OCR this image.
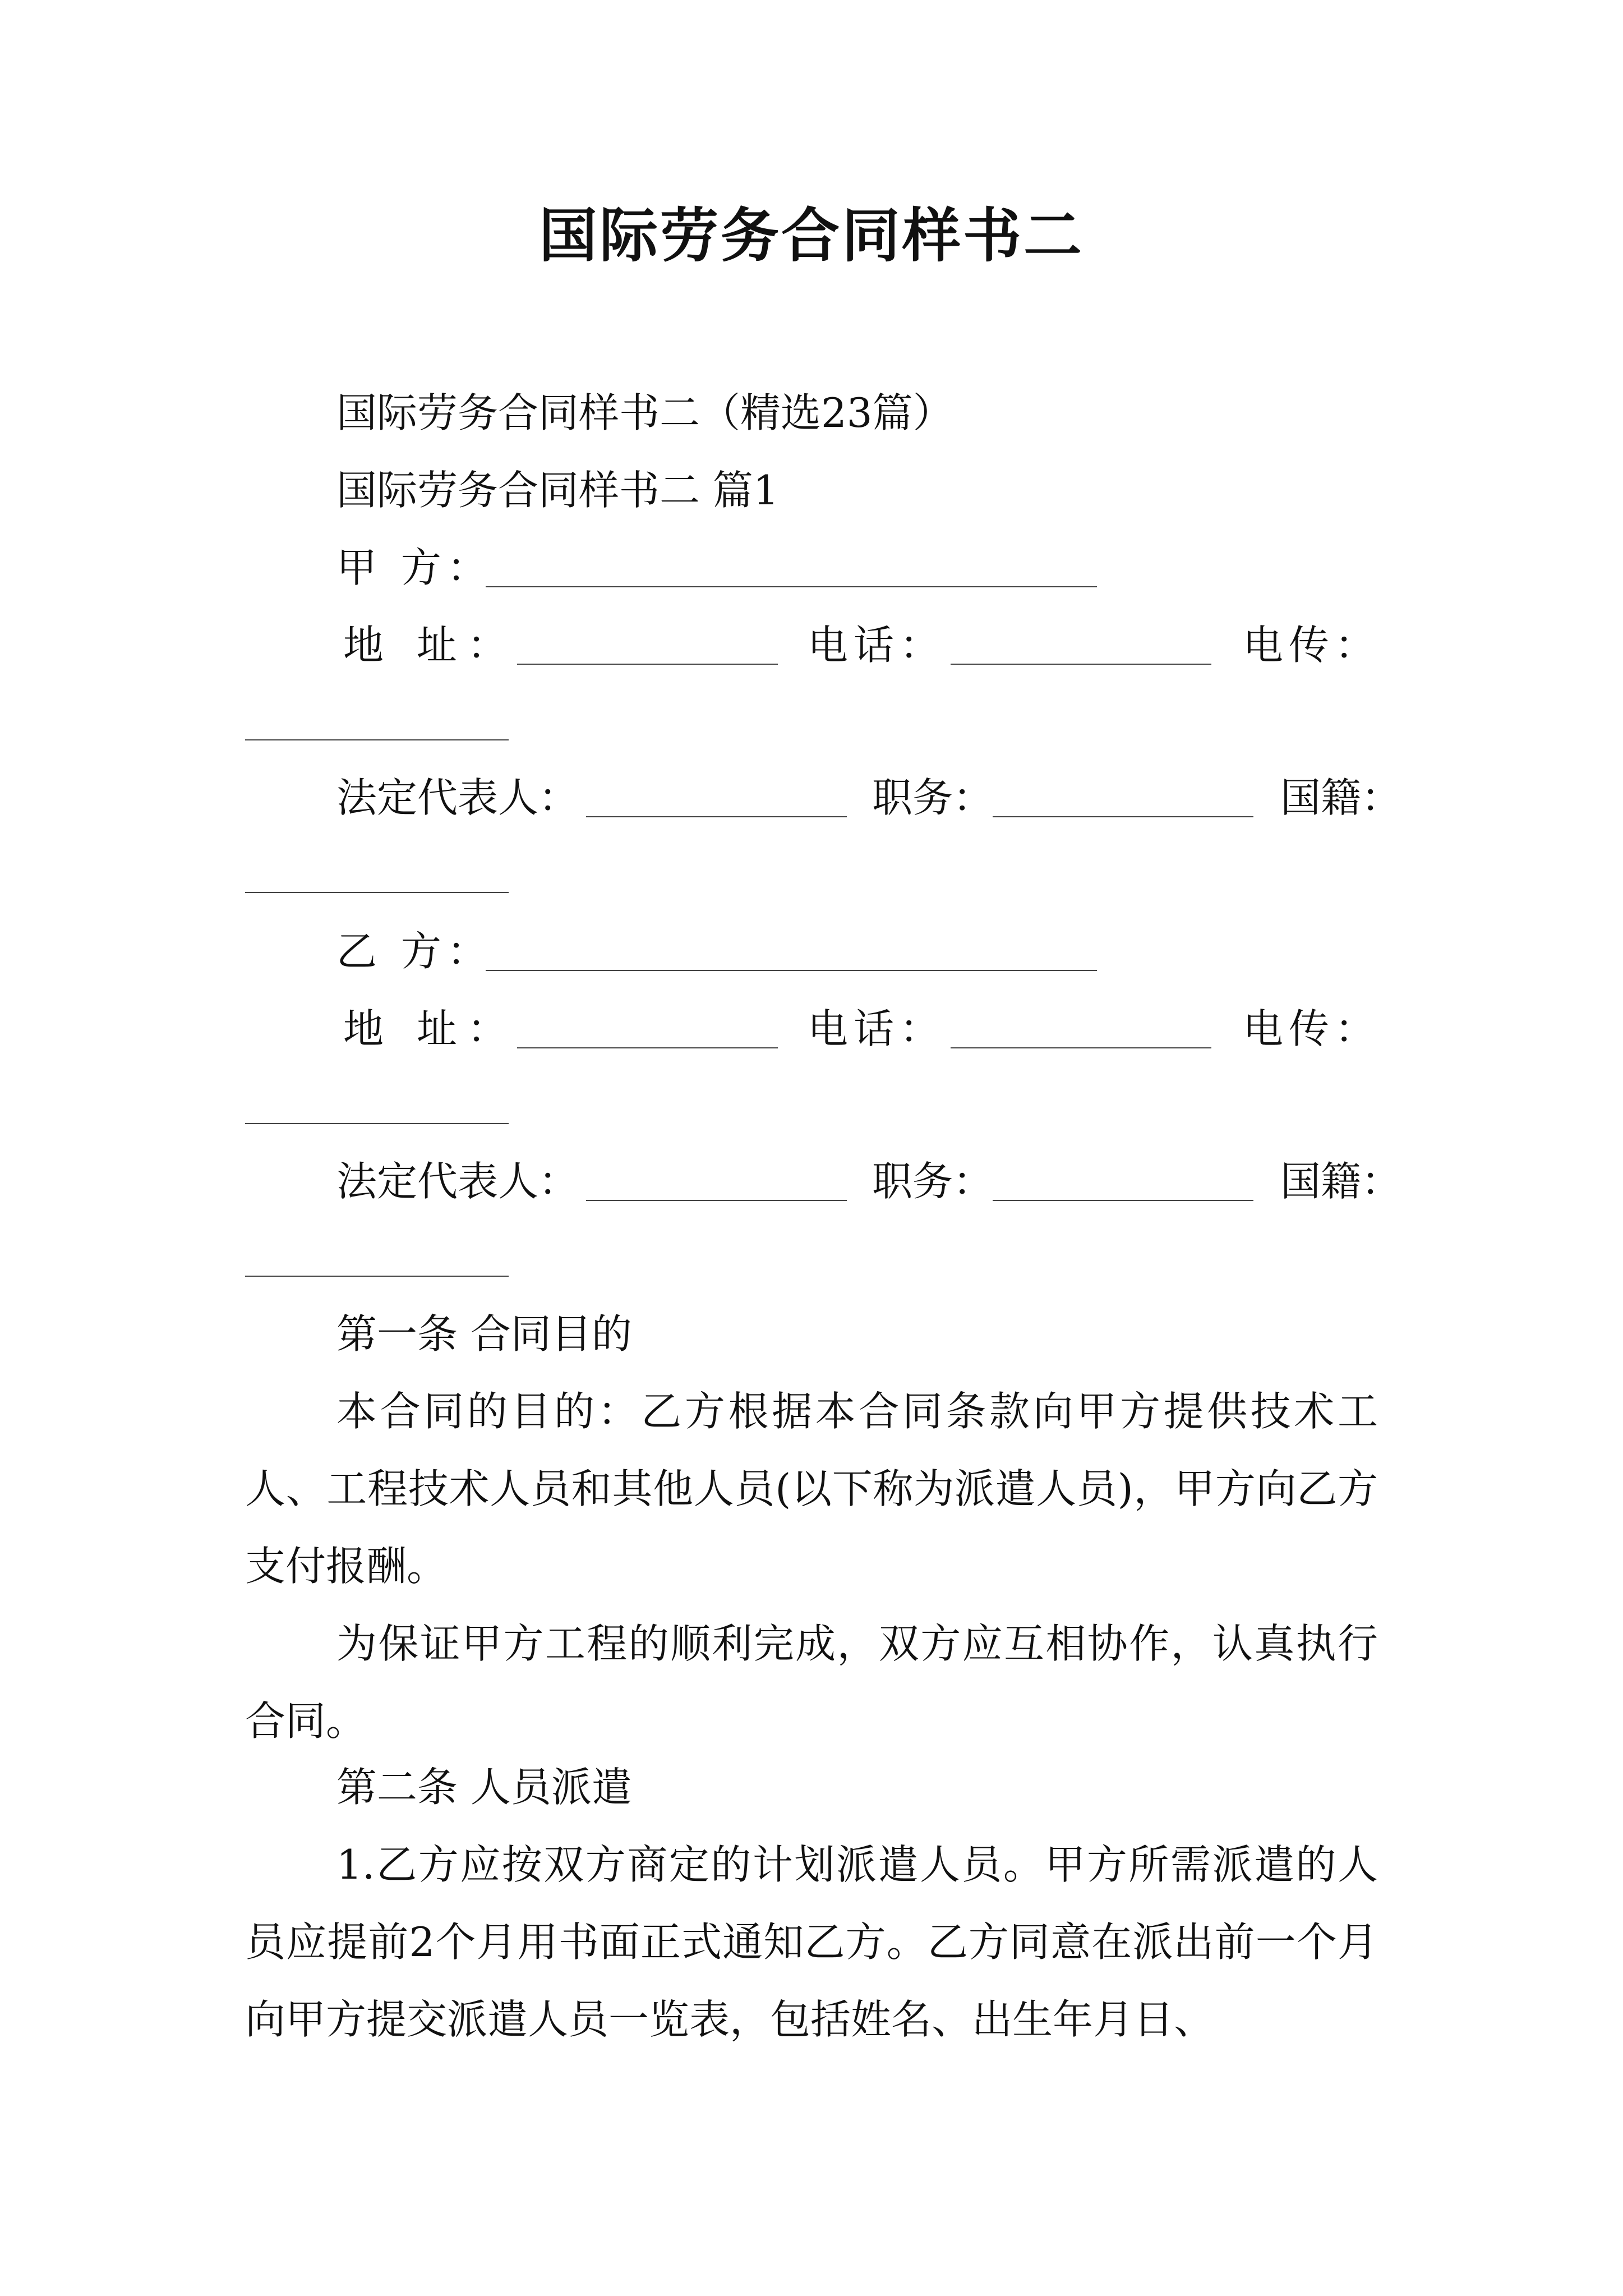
国际劳务合同样书二
国际劳务合同样书二（精选23篇）
国际劳务合同样书二 篇1
甲 方：
地 址：	电话：	电传：
法定代表人：	职务：	国籍：
乙 方：
地 址：	电话：	电传：
法定代表人：	职务：	国籍：
第一条 合同目的
本合同的目的：乙方根据本合同条款向甲方提供技术工人、工程技术人员和其他人员(以下称为派遣人员)，甲方向乙方支付报酬。
为保证甲方工程的顺利完成，双方应互相协作，认真执行合同。
第二条 人员派遣
1.乙方应按双方商定的计划派遣人员。甲方所需派遣的人员应提前2个月用书面正式通知乙方。乙方同意在派出前一个月向甲方提交派遣人员一览表，包括姓名、出生年月日、
